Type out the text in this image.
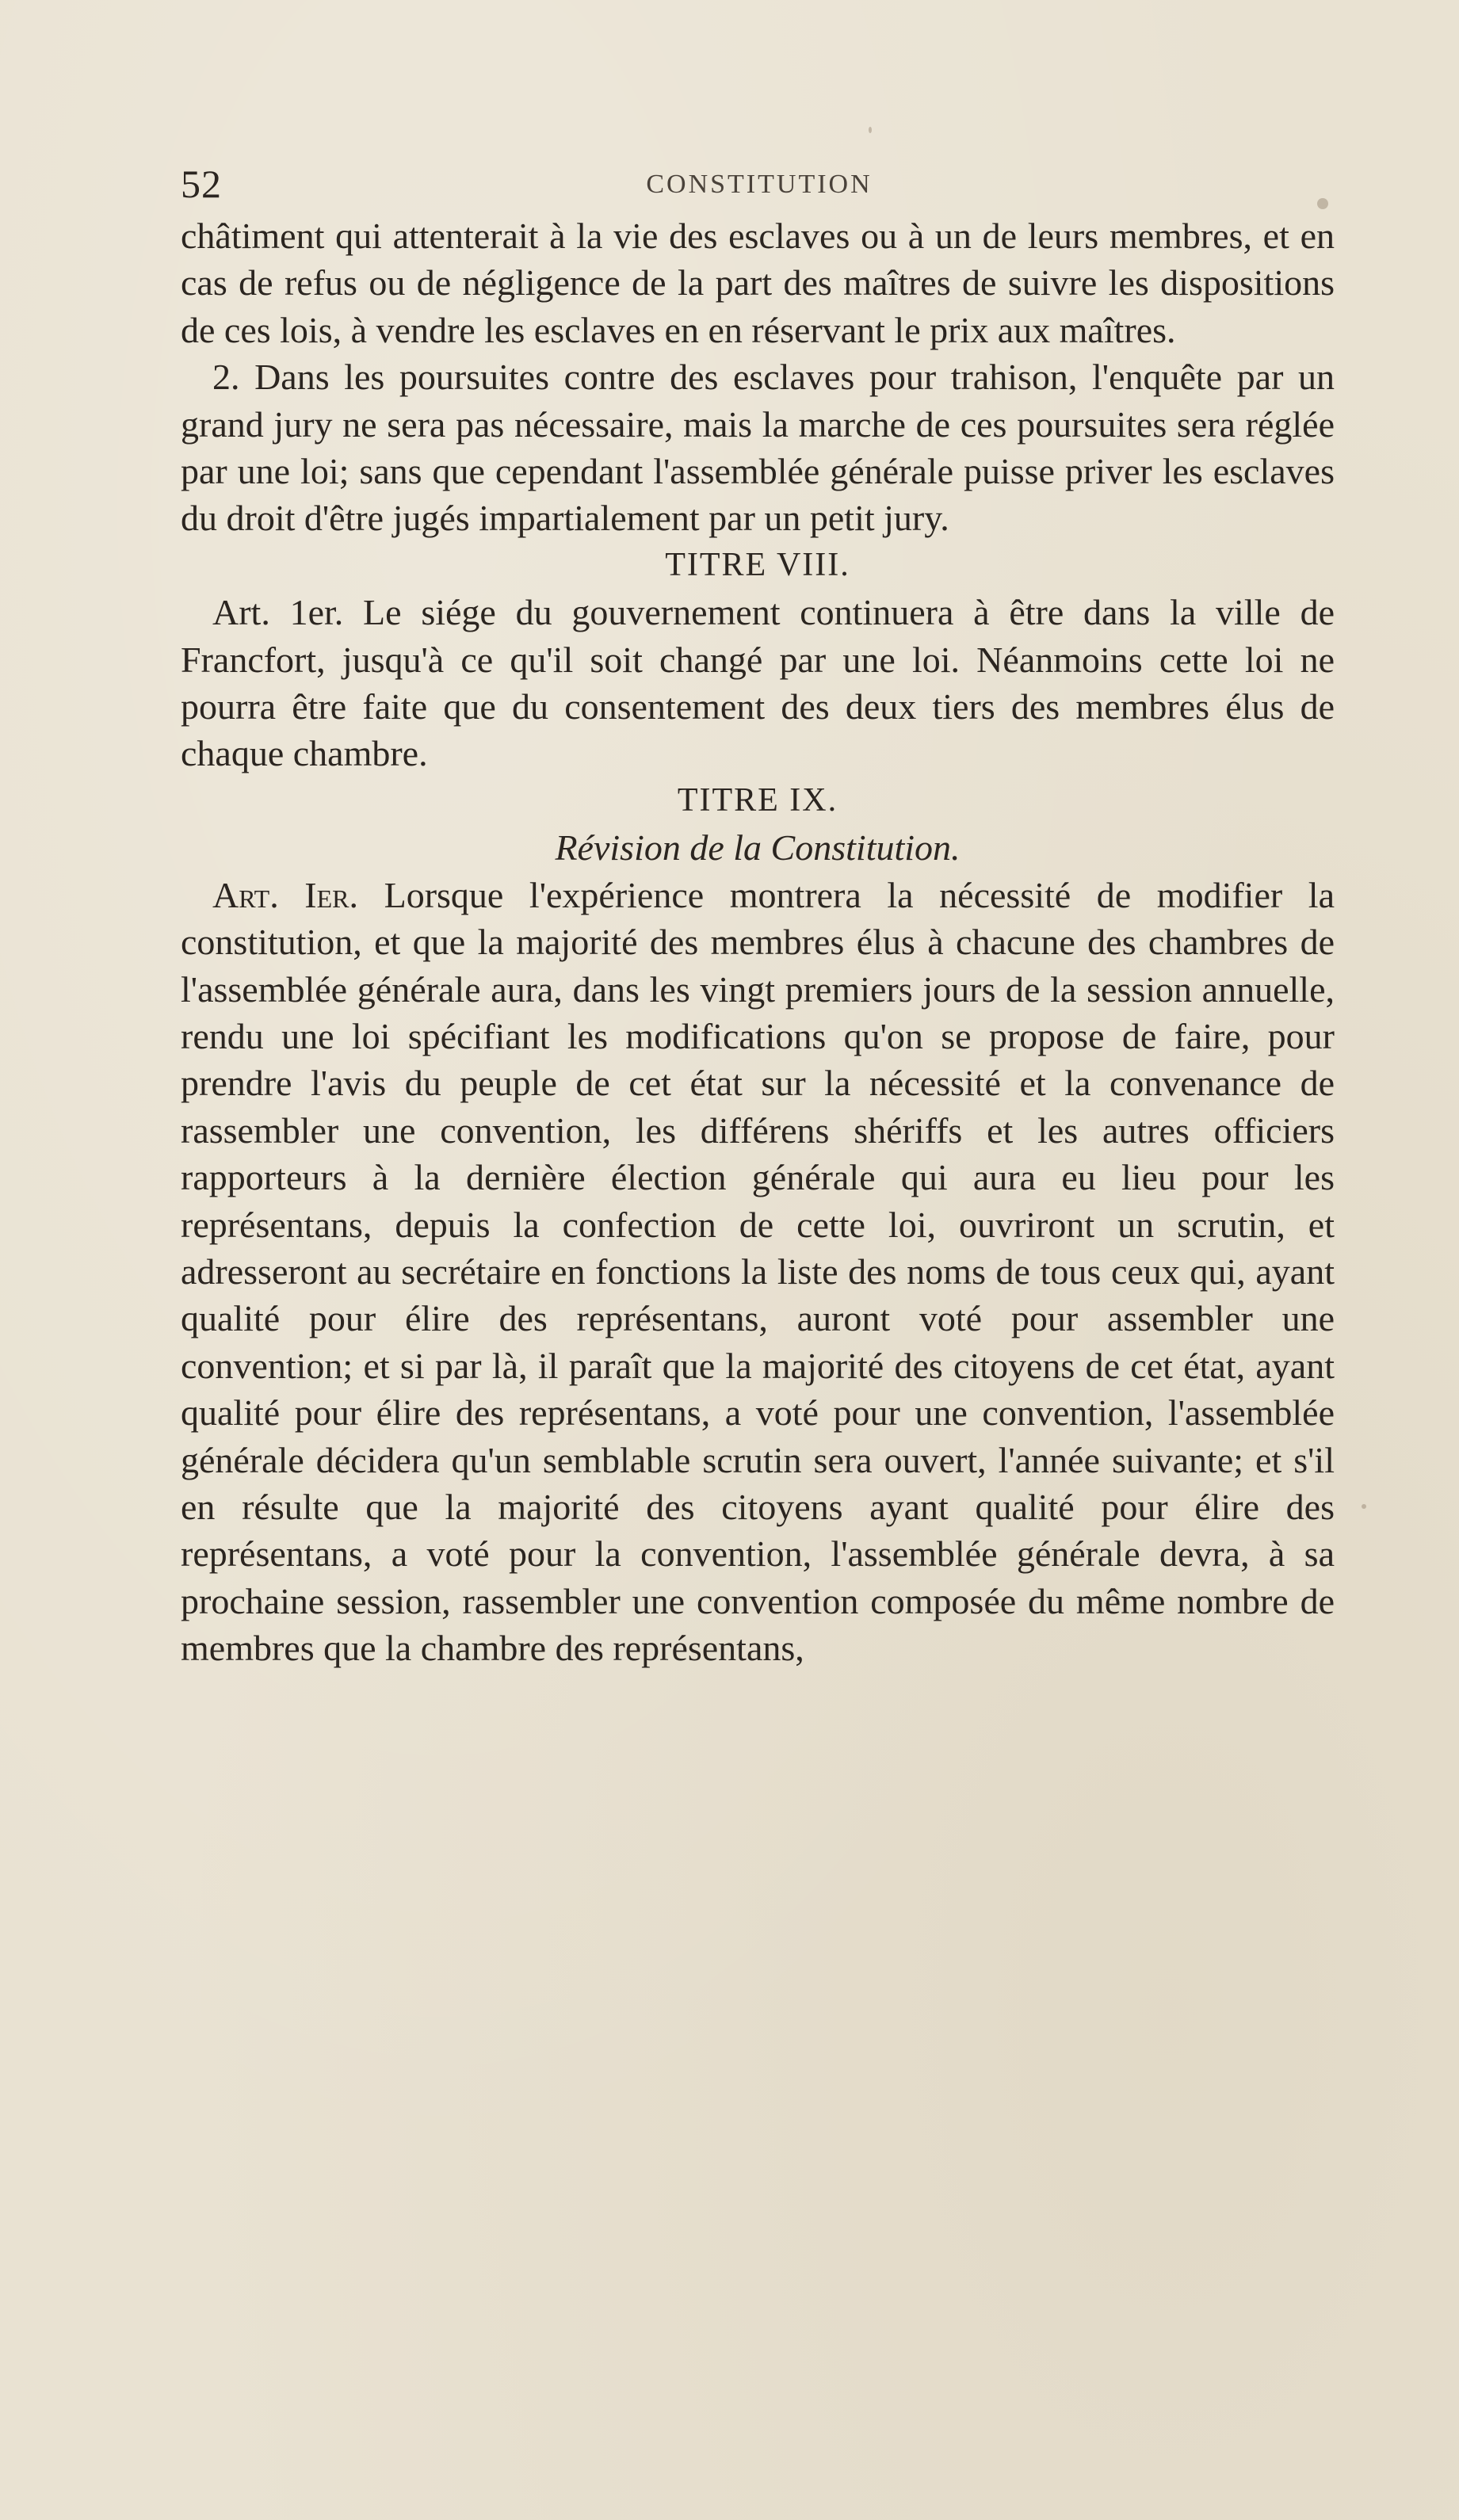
52	CONSTITUTION

châtiment qui attenterait à la vie des esclaves ou à un de leurs membres, et en cas de refus ou de négligence de la part des maîtres de suivre les dispositions de ces lois, à vendre les esclaves en en réservant le prix aux maîtres.

2. Dans les poursuites contre des esclaves pour trahison, l'enquête par un grand jury ne sera pas nécessaire, mais la marche de ces poursuites sera réglée par une loi; sans que cependant l'assemblée générale puisse priver les esclaves du droit d'être jugés impartialement par un petit jury.

TITRE VIII.

Art. 1er. Le siége du gouvernement continuera à être dans la ville de Francfort, jusqu'à ce qu'il soit changé par une loi. Néanmoins cette loi ne pourra être faite que du consentement des deux tiers des membres élus de chaque chambre.

TITRE IX.

Révision de la Constitution.

Art. Ier. Lorsque l'expérience montrera la nécessité de modifier la constitution, et que la majorité des membres élus à chacune des chambres de l'assemblée générale aura, dans les vingt premiers jours de la session annuelle, rendu une loi spécifiant les modifications qu'on se propose de faire, pour prendre l'avis du peuple de cet état sur la nécessité et la convenance de rassembler une convention, les différens shériffs et les autres officiers rapporteurs à la dernière élection générale qui aura eu lieu pour les représentans, depuis la confection de cette loi, ouvriront un scrutin, et adresseront au secrétaire en fonctions la liste des noms de tous ceux qui, ayant qualité pour élire des représentans, auront voté pour assembler une convention; et si par là, il paraît que la majorité des citoyens de cet état, ayant qualité pour élire des représentans, a voté pour une convention, l'assemblée générale décidera qu'un semblable scrutin sera ouvert, l'année suivante; et s'il en résulte que la majorité des citoyens ayant qualité pour élire des représentans, a voté pour la convention, l'assemblée générale devra, à sa prochaine session, rassembler une convention composée du même nombre de membres que la chambre des représentans,
